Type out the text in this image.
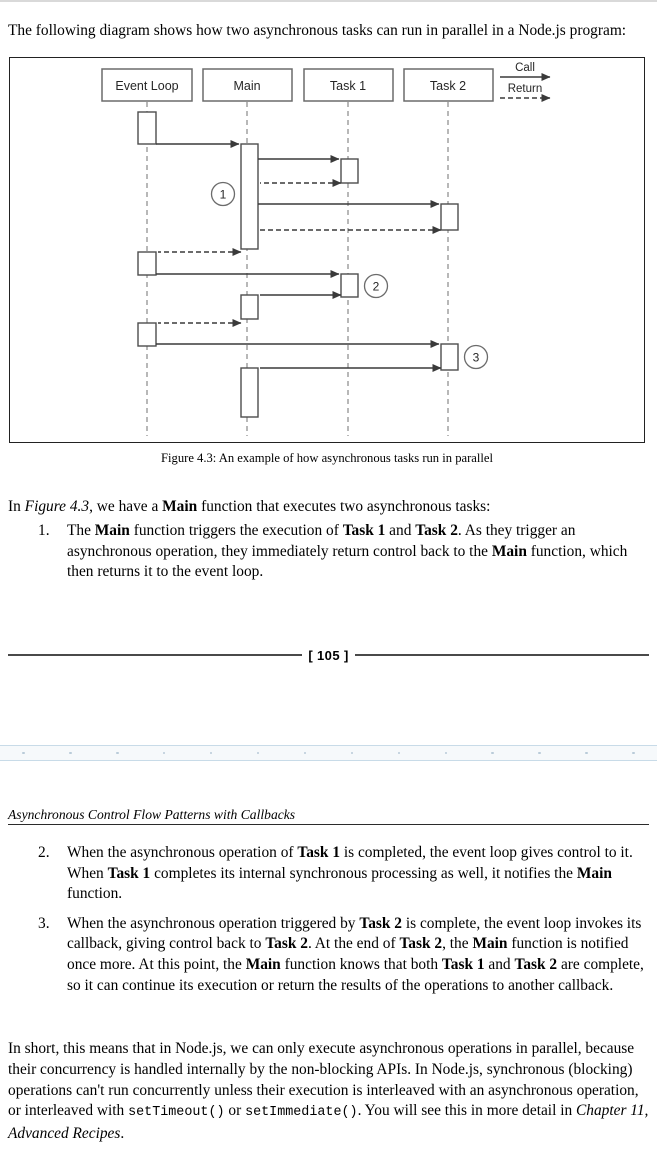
The following diagram shows how two asynchronous tasks can run in parallel in a Node.js program:

Event Loop	Main	Task 1	Task 2
Call
Return
1
2
3
Figure 4.3: An example of how asynchronous tasks run in parallel

In Figure 4.3, we have a Main function that executes two asynchronous tasks:

1.	The Main function triggers the execution of Task 1 and Task 2. As they trigger an asynchronous operation, they immediately return control back to the Main function, which then returns it to the event loop.
[ 105 ]
Asynchronous Control Flow Patterns with Callbacks
2.	When the asynchronous operation of Task 1 is completed, the event loop gives control to it. When Task 1 completes its internal synchronous processing as well, it notifies the Main function.
3.	When the asynchronous operation triggered by Task 2 is complete, the event loop invokes its callback, giving control back to Task 2. At the end of Task 2, the Main function is notified once more. At this point, the Main function knows that both Task 1 and Task 2 are complete, so it can continue its execution or return the results of the operations to another callback.

In short, this means that in Node.js, we can only execute asynchronous operations in parallel, because their concurrency is handled internally by the non-blocking APIs. In Node.js, synchronous (blocking) operations can't run concurrently unless their execution is interleaved with an asynchronous operation, or interleaved with setTimeout() or setImmediate(). You will see this in more detail in Chapter 11, Advanced Recipes.
